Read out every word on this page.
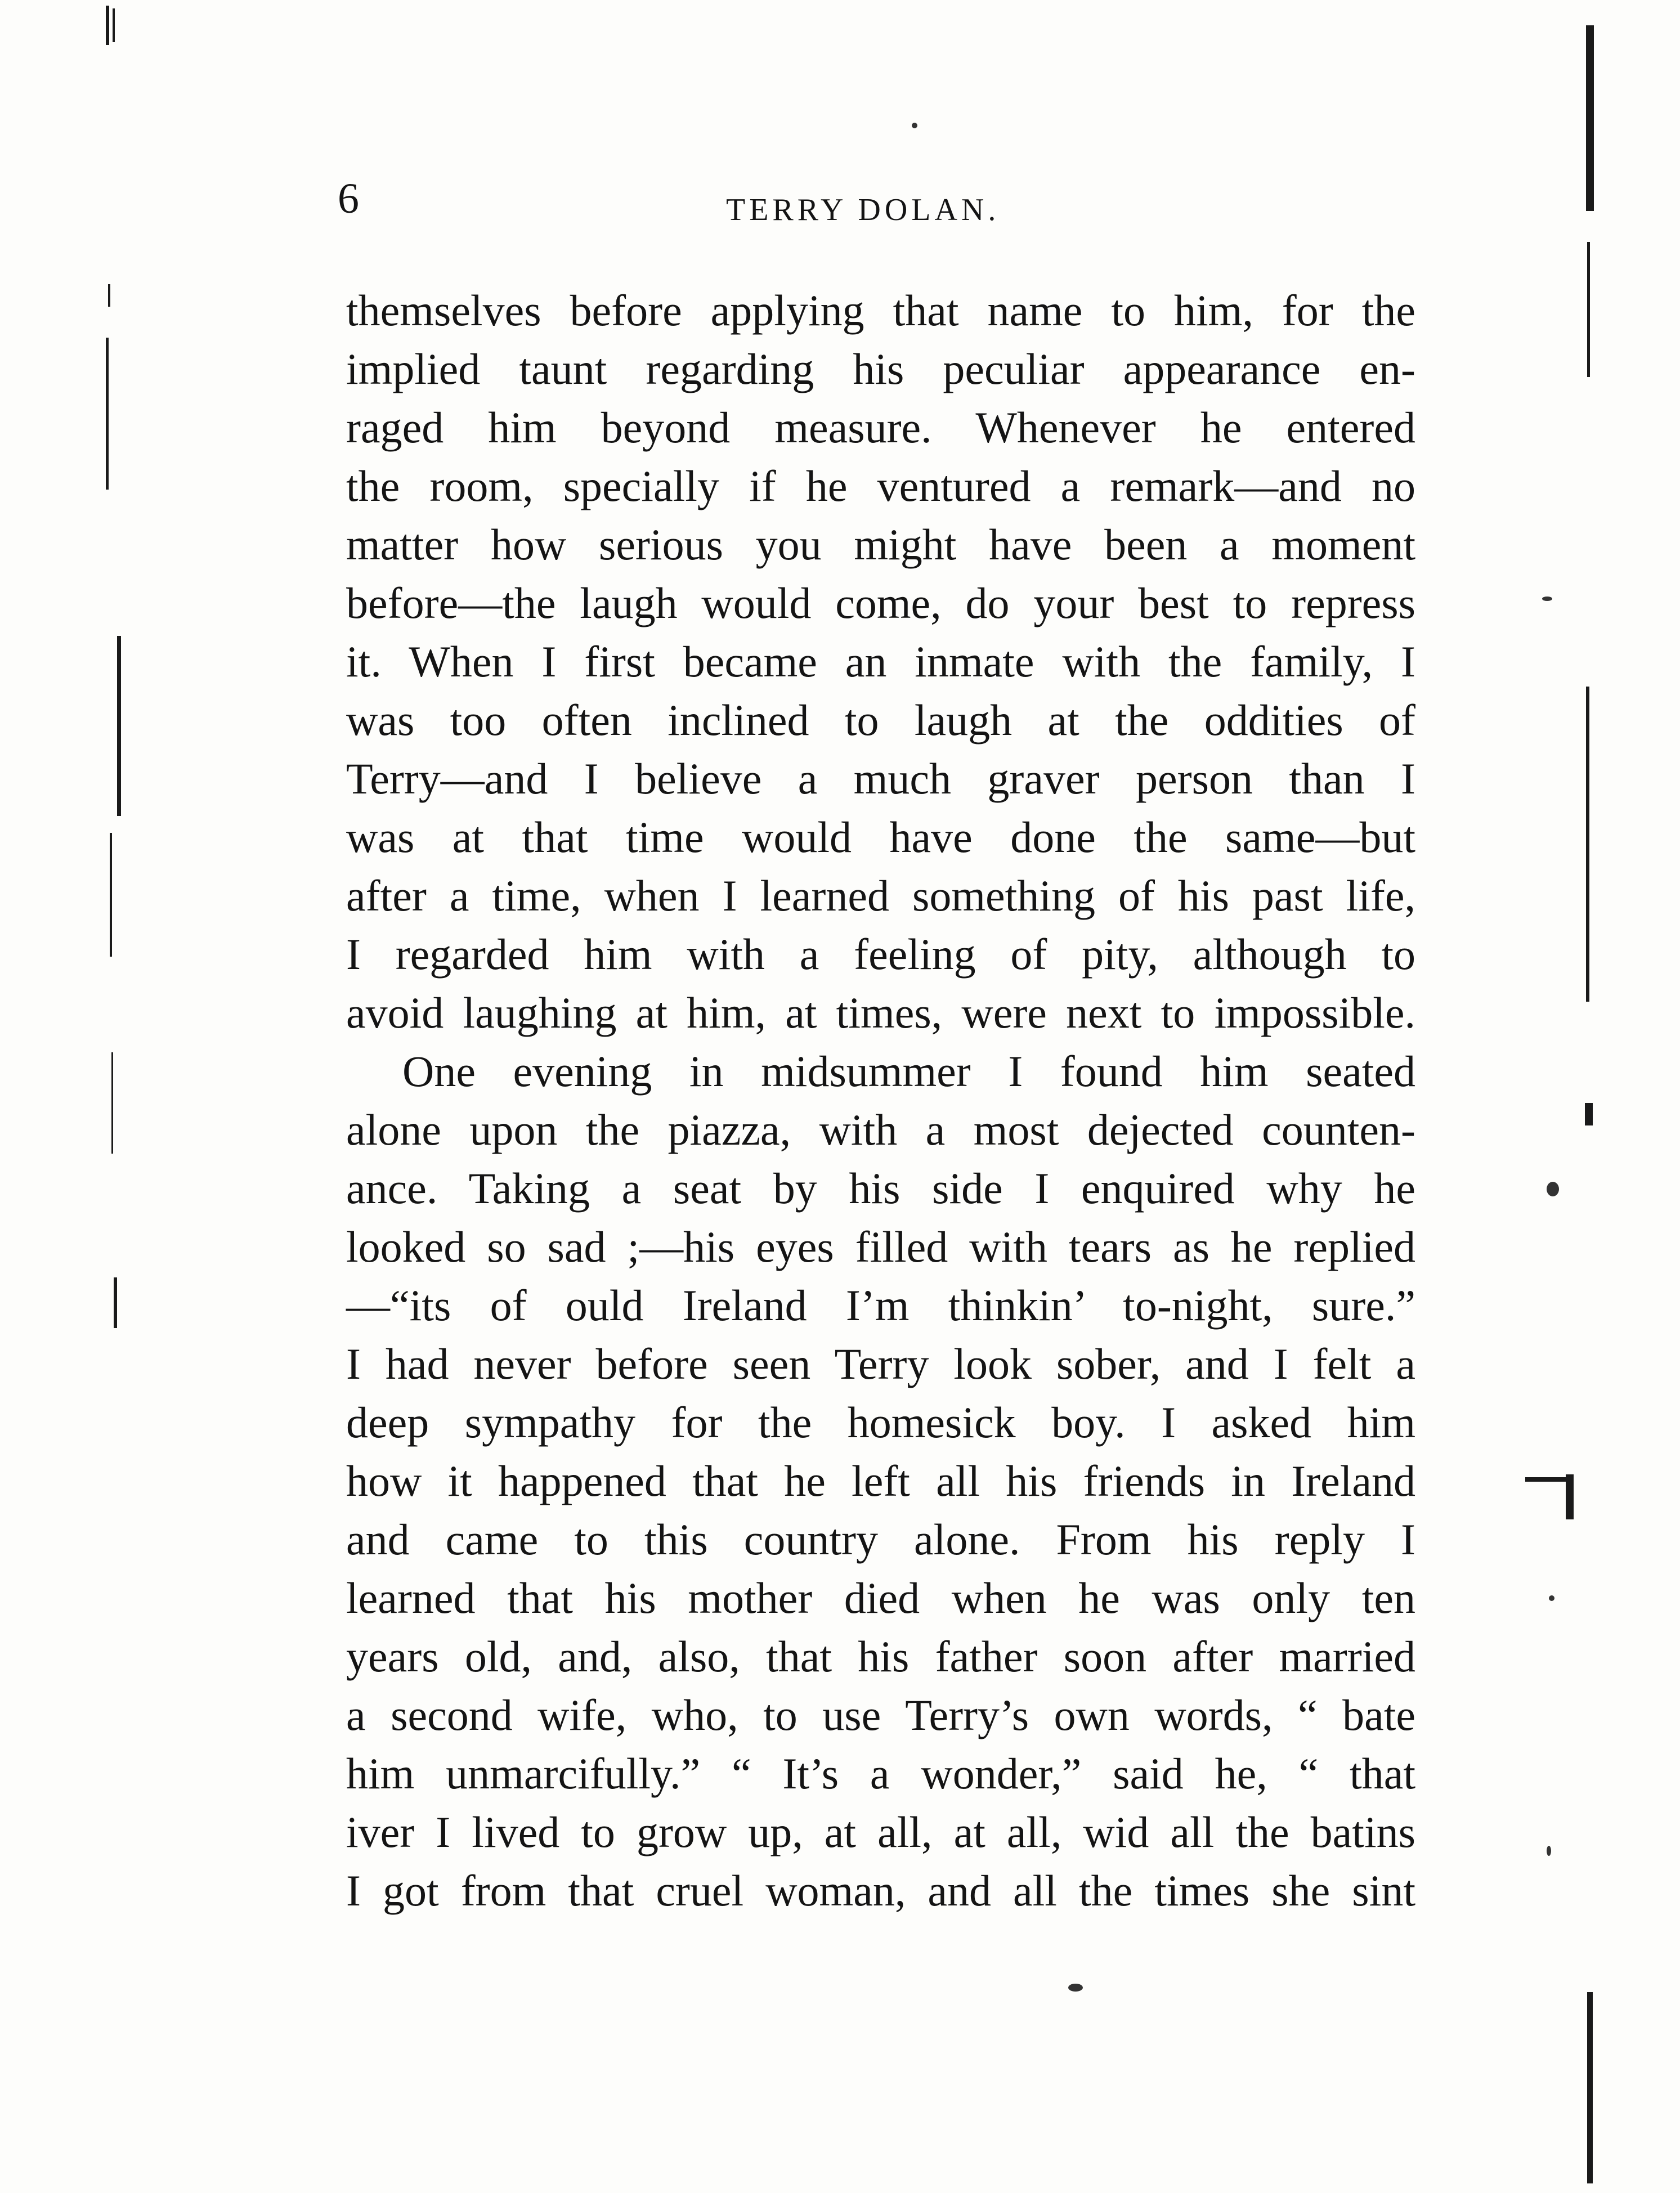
6	TERRY DOLAN.
themselves before applying that name to him, for the
implied taunt regarding his peculiar appearance en-
raged him beyond measure. Whenever he entered
the room, specially if he ventured a remark—and no
matter how serious you might have been a moment
before—the laugh would come, do your best to repress
it. When I first became an inmate with the family, I
was too often inclined to laugh at the oddities of
Terry—and I believe a much graver person than I
was at that time would have done the same—but
after a time, when I learned something of his past life,
I regarded him with a feeling of pity, although to
avoid laughing at him, at times, were next to impossible.
One evening in midsummer I found him seated
alone upon the piazza, with a most dejected counten-
ance. Taking a seat by his side I enquired why he
looked so sad ;—his eyes filled with tears as he replied
—“its of ould Ireland I’m thinkin’ to-night, sure.”
I had never before seen Terry look sober, and I felt a
deep sympathy for the homesick boy. I asked him
how it happened that he left all his friends in Ireland
and came to this country alone. From his reply I
learned that his mother died when he was only ten
years old, and, also, that his father soon after married
a second wife, who, to use Terry’s own words, “ bate
him unmarcifully.” “ It’s a wonder,” said he, “ that
iver I lived to grow up, at all, at all, wid all the batins
I got from that cruel woman, and all the times she sint
